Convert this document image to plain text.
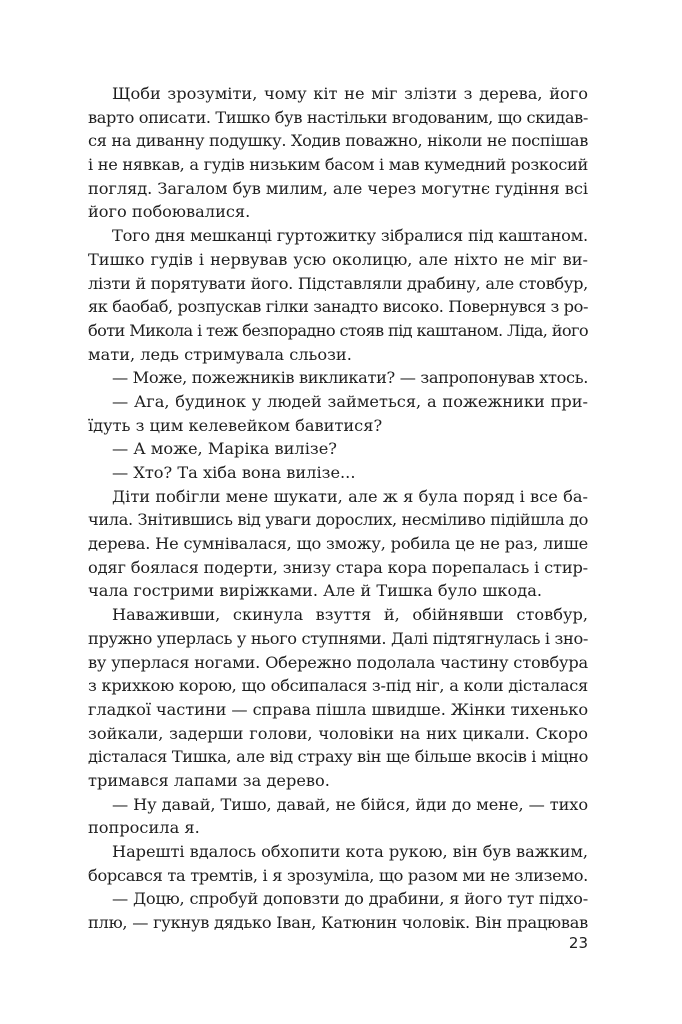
Щоби зрозуміти, чому кіт не міг злізти з дерева, його
варто описати. Тишко був настільки вгодованим, що скидав-
ся на диванну подушку. Ходив поважно, ніколи не поспішав
і не нявкав, а гудів низьким басом і мав кумедний розкосий
погляд. Загалом був милим, але через могутнє гудіння всі
його побоювалися.
Того дня мешканці гуртожитку зібралися під каштаном.
Тишко гудів і нервував усю околицю, але ніхто не міг ви-
лізти й порятувати його. Підставляли драбину, але стовбур,
як баобаб, розпускав гілки занадто високо. Повернувся з ро-
боти Микола і теж безпорадно стояв під каштаном. Ліда, його
мати, ледь стримувала сльози.
— Може, пожежників викликати? — запропонував хтось.
— Ага, будинок у людей займеться, а пожежники при-
їдуть з цим келевейком бавитися?
— А може, Маріка вилізе?
— Хто? Та хіба вона вилізе...
Діти побігли мене шукати, але ж я була поряд і все ба-
чила. Знітившись від уваги дорослих, несміливо підійшла до
дерева. Не сумнівалася, що зможу, робила це не раз, лише
одяг боялася подерти, знизу стара кора порепалась і стир-
чала гострими виріжками. Але й Тишка було шкода.
Наваживши, скинула взуття й, обійнявши стовбур,
пружно уперлась у нього ступнями. Далі підтягнулась і зно-
ву уперлася ногами. Обережно подолала частину стовбура
з крихкою корою, що обсипалася з-під ніг, а коли дісталася
гладкої частини — справа пішла швидше. Жінки тихенько
зойкали, задерши голови, чоловіки на них цикали. Скоро
дісталася Тишка, але від страху він ще більше вкосів і міцно
тримався лапами за дерево.
— Ну давай, Тишо, давай, не бійся, йди до мене, — тихо
попросила я.
Нарешті вдалось обхопити кота рукою, він був важким,
борсався та тремтів, і я зрозуміла, що разом ми не злиземо.
— Доцю, спробуй доповзти до драбини, я його тут підхо-
плю, — гукнув дядько Іван, Катюнин чоловік. Він працював
23
